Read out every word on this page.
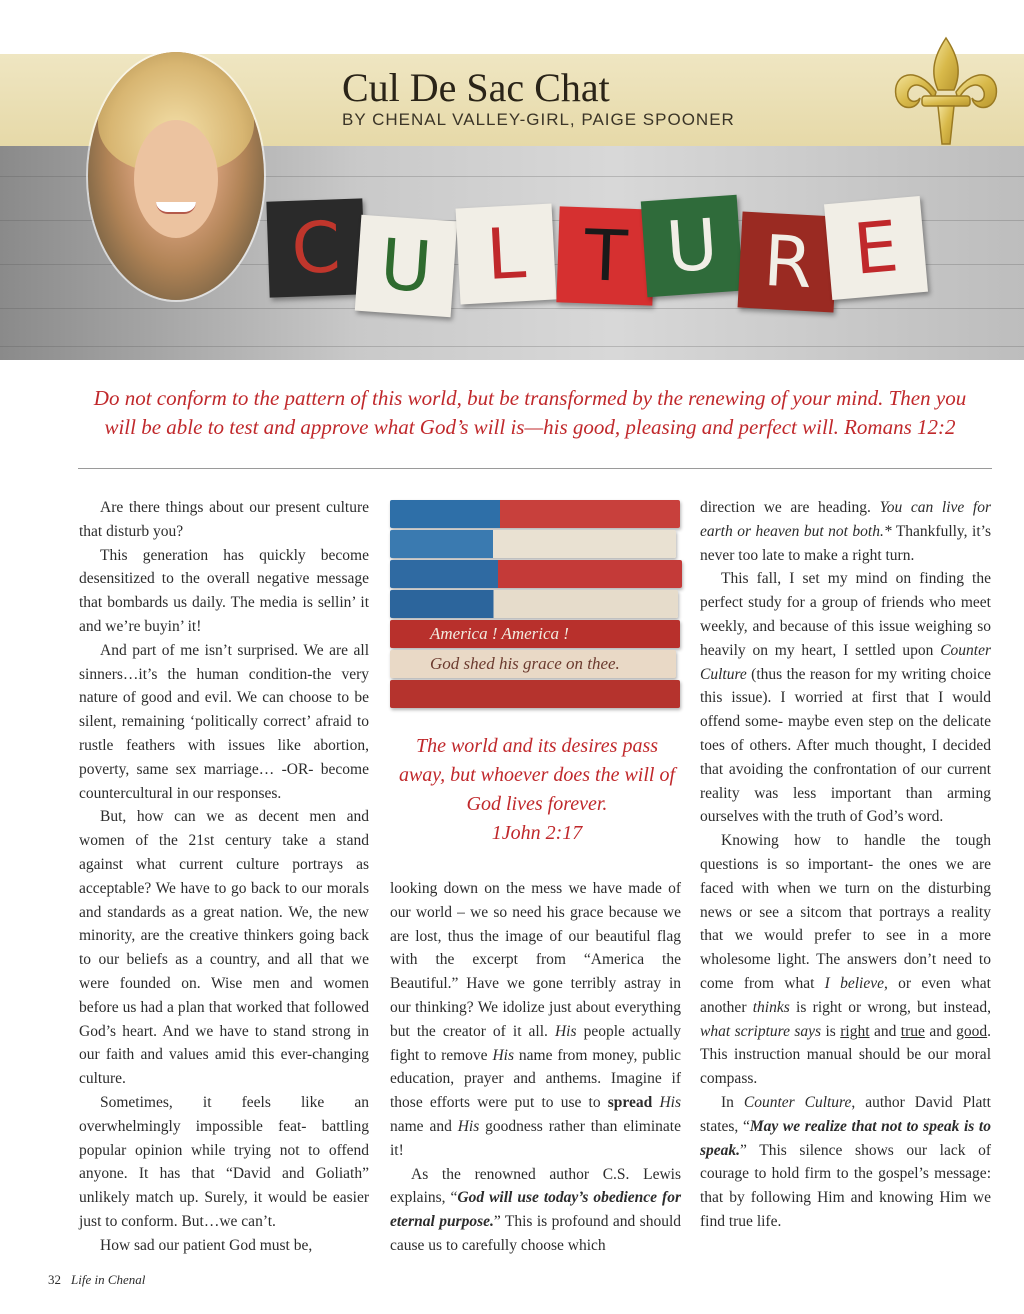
Cul De Sac Chat
BY CHENAL VALLEY-GIRL, PAIGE SPOONER
C U L T U R E
Do not conform to the pattern of this world, but be transformed by the renewing of your mind. Then you
will be able to test and approve what God’s will is—his good, pleasing and perfect will. Romans 12:2

Are there things about our present culture that disturb you?

This generation has quickly become desensitized to the overall negative message that bombards us daily. The media is sellin’ it and we’re buyin’ it!

And part of me isn’t surprised. We are all sinners…it’s the human condition-the very nature of good and evil. We can choose to be silent, remaining ‘politically correct’ afraid to rustle feathers with issues like abortion, poverty, same sex marriage… -OR- become countercultural in our responses.

But, how can we as decent men and women of the 21st century take a stand against what current culture portrays as acceptable? We have to go back to our morals and standards as a great nation. We, the new minority, are the creative thinkers going back to our beliefs as a country, and all that we were founded on. Wise men and women before us had a plan that worked that followed God’s heart. And we have to stand strong in our faith and values amid this ever-changing culture.

Sometimes, it feels like an overwhelmingly impossible feat- battling popular opinion while trying not to offend anyone. It has that “David and Goliath” unlikely match up. Surely, it would be easier just to conform. But…we can’t.

How sad our patient God must be,

America ! America !
God shed his grace on thee.
The world and its desires pass
away, but whoever does the will of
God lives forever.
1John 2:17

looking down on the mess we have made of our world – we so need his grace because we are lost, thus the image of our beautiful flag with the excerpt from “America the Beautiful.” Have we gone terribly astray in our thinking? We idolize just about everything but the creator of it all. His people actually fight to remove His name from money, public education, prayer and anthems. Imagine if those efforts were put to use to spread His name and His goodness rather than eliminate it!

As the renowned author C.S. Lewis explains, “God will use today’s obedience for eternal purpose.” This is profound and should cause us to carefully choose which

direction we are heading. You can live for earth or heaven but not both.* Thankfully, it’s never too late to make a right turn.

This fall, I set my mind on finding the perfect study for a group of friends who meet weekly, and because of this issue weighing so heavily on my heart, I settled upon Counter Culture (thus the reason for my writing choice this issue). I worried at first that I would offend some- maybe even step on the delicate toes of others. After much thought, I decided that avoiding the confrontation of our current reality was less important than arming ourselves with the truth of God’s word.

Knowing how to handle the tough questions is so important- the ones we are faced with when we turn on the disturbing news or see a sitcom that portrays a reality that we would prefer to see in a more wholesome light. The answers don’t need to come from what I believe, or even what another thinks is right or wrong, but instead, what scripture says is right and true and good. This instruction manual should be our moral compass.

In Counter Culture, author David Platt states, “May we realize that not to speak is to speak.” This silence shows our lack of courage to hold firm to the gospel’s message: that by following Him and knowing Him we find true life.

32 Life in Chenal
